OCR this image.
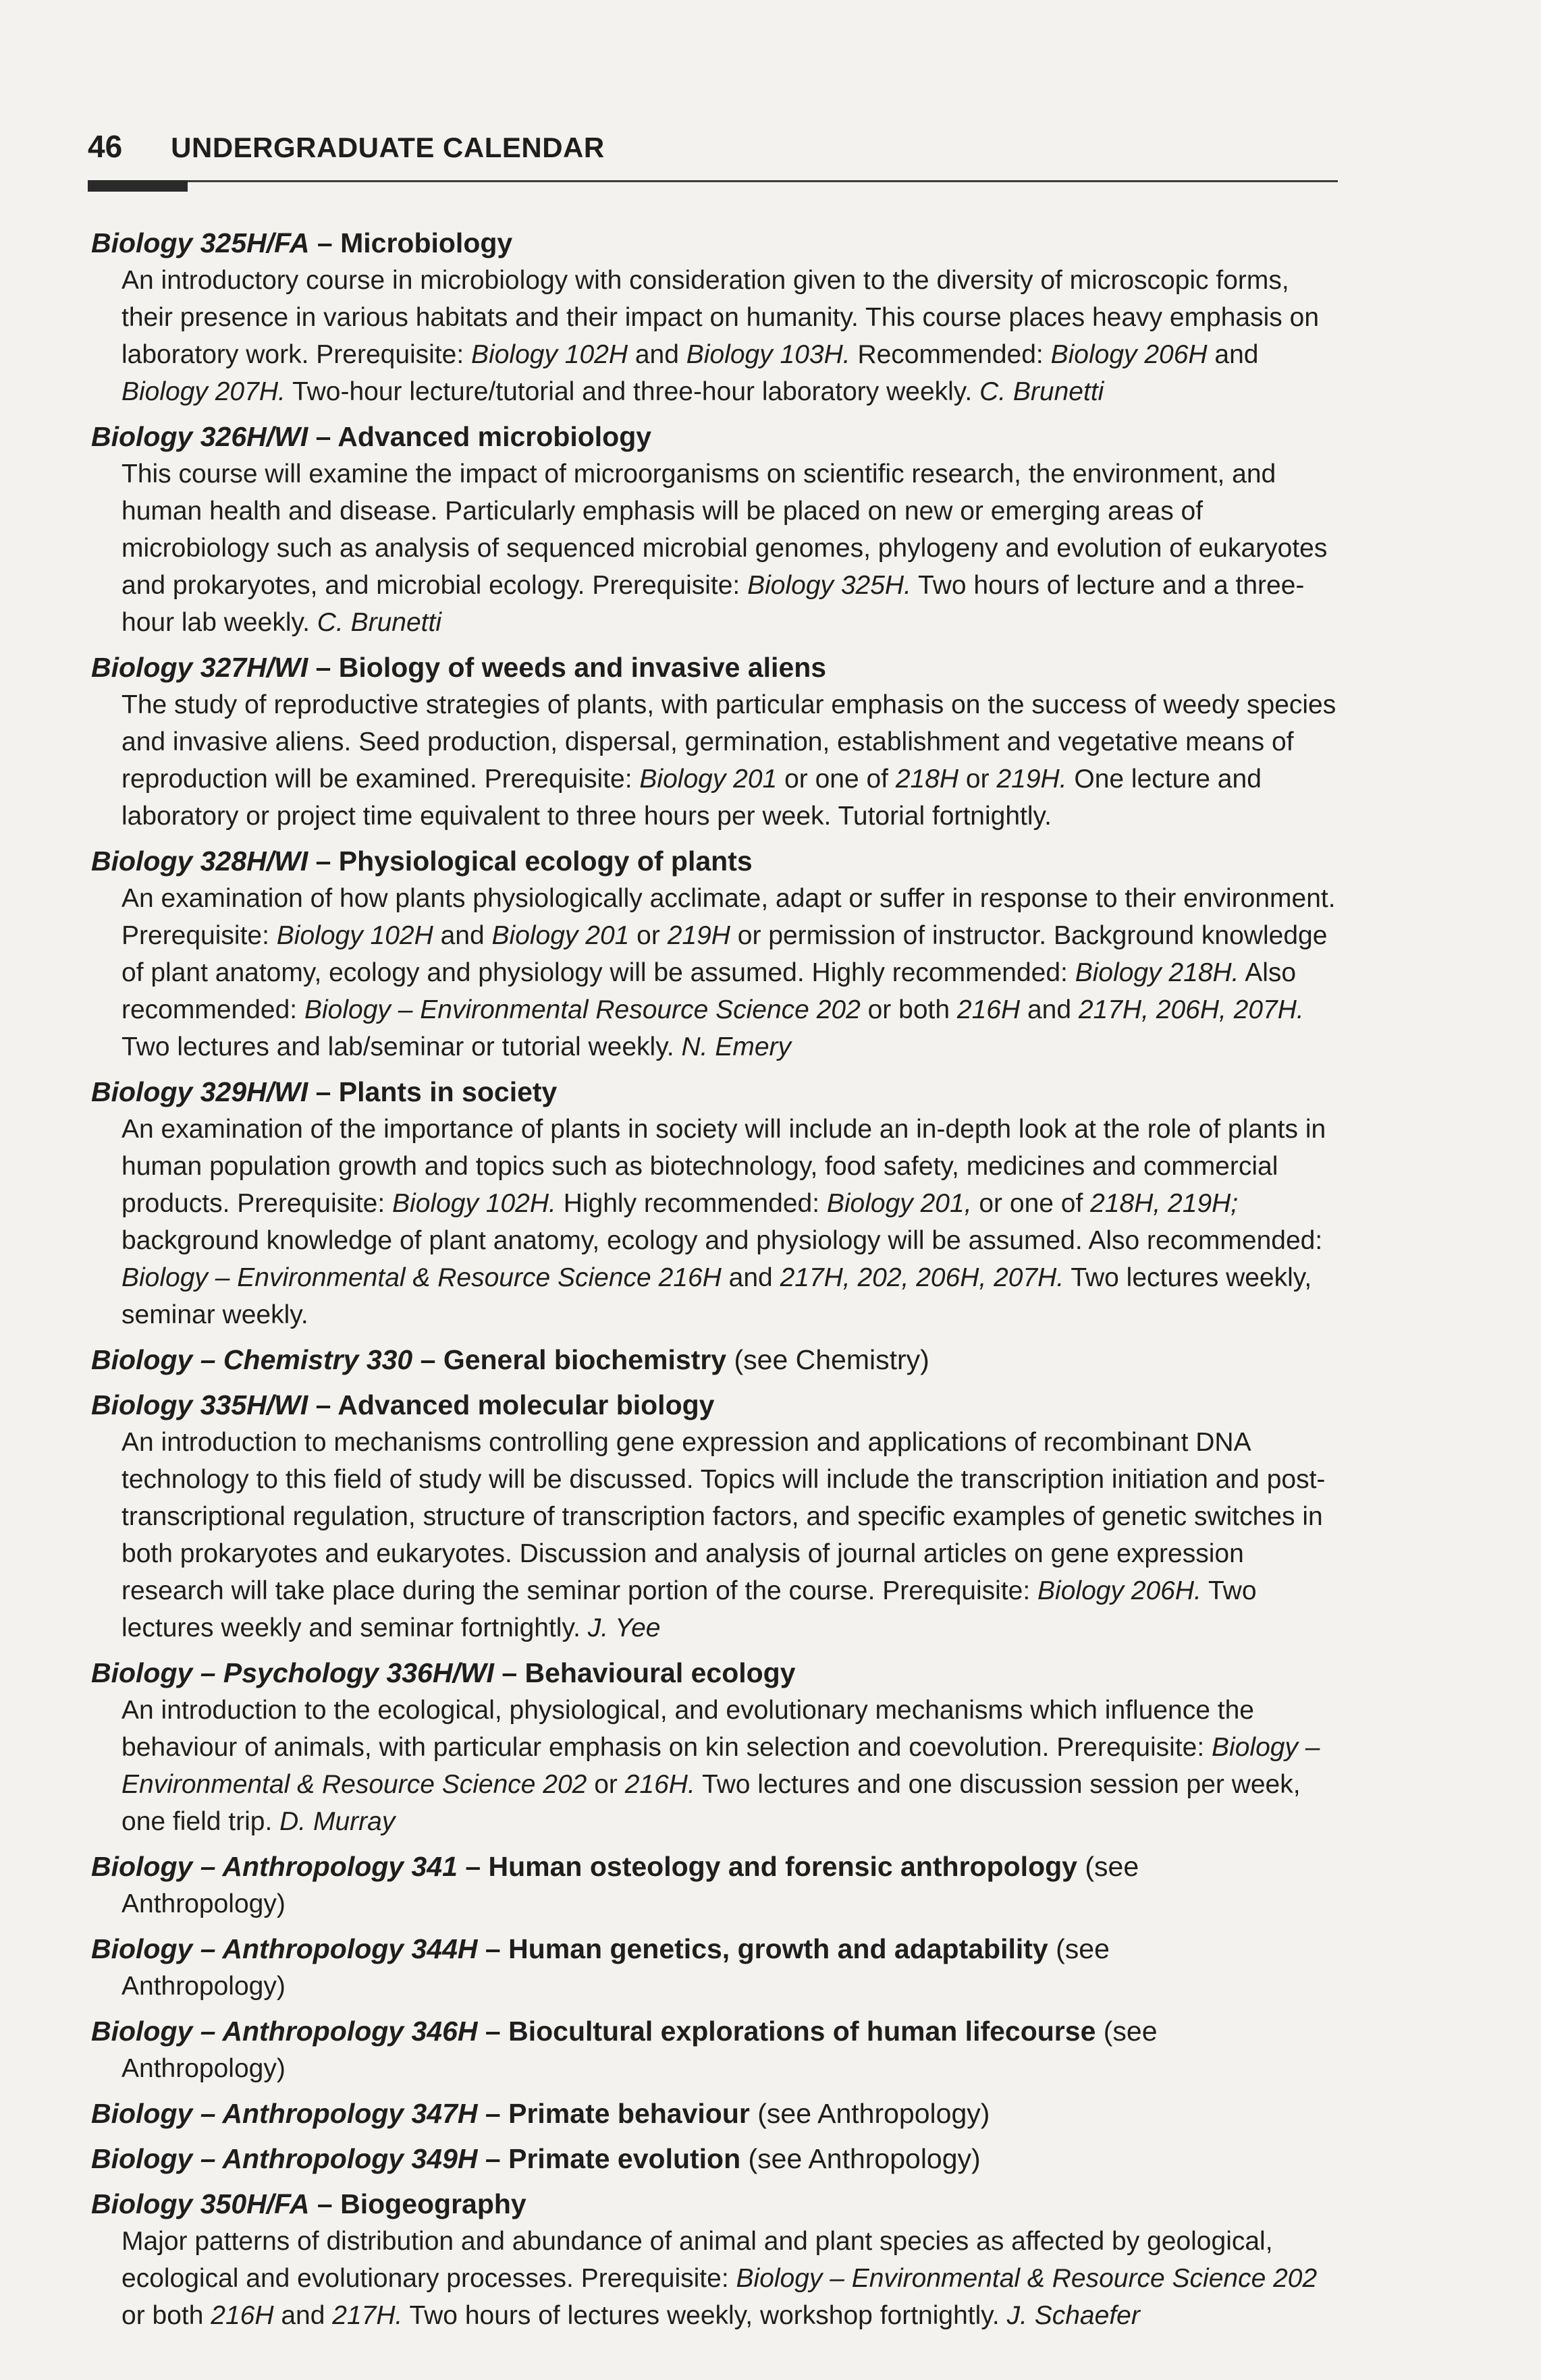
46 UNDERGRADUATE CALENDAR
Biology 325H/FA – Microbiology
An introductory course in microbiology with consideration given to the diversity of microscopic forms, their presence in various habitats and their impact on humanity. This course places heavy emphasis on laboratory work. Prerequisite: Biology 102H and Biology 103H. Recommended: Biology 206H and Biology 207H. Two-hour lecture/tutorial and three-hour laboratory weekly. C. Brunetti
Biology 326H/WI – Advanced microbiology
This course will examine the impact of microorganisms on scientific research, the environment, and human health and disease. Particularly emphasis will be placed on new or emerging areas of microbiology such as analysis of sequenced microbial genomes, phylogeny and evolution of eukaryotes and prokaryotes, and microbial ecology. Prerequisite: Biology 325H. Two hours of lecture and a three-hour lab weekly. C. Brunetti
Biology 327H/WI – Biology of weeds and invasive aliens
The study of reproductive strategies of plants, with particular emphasis on the success of weedy species and invasive aliens. Seed production, dispersal, germination, establishment and vegetative means of reproduction will be examined. Prerequisite: Biology 201 or one of 218H or 219H. One lecture and laboratory or project time equivalent to three hours per week. Tutorial fortnightly.
Biology 328H/WI – Physiological ecology of plants
An examination of how plants physiologically acclimate, adapt or suffer in response to their environment. Prerequisite: Biology 102H and Biology 201 or 219H or permission of instructor. Background knowledge of plant anatomy, ecology and physiology will be assumed. Highly recommended: Biology 218H. Also recommended: Biology – Environmental Resource Science 202 or both 216H and 217H, 206H, 207H. Two lectures and lab/seminar or tutorial weekly. N. Emery
Biology 329H/WI – Plants in society
An examination of the importance of plants in society will include an in-depth look at the role of plants in human population growth and topics such as biotechnology, food safety, medicines and commercial products. Prerequisite: Biology 102H. Highly recommended: Biology 201, or one of 218H, 219H; background knowledge of plant anatomy, ecology and physiology will be assumed. Also recommended: Biology – Environmental & Resource Science 216H and 217H, 202, 206H, 207H. Two lectures weekly, seminar weekly.
Biology – Chemistry 330 – General biochemistry (see Chemistry)
Biology 335H/WI – Advanced molecular biology
An introduction to mechanisms controlling gene expression and applications of recombinant DNA technology to this field of study will be discussed. Topics will include the transcription initiation and post-transcriptional regulation, structure of transcription factors, and specific examples of genetic switches in both prokaryotes and eukaryotes. Discussion and analysis of journal articles on gene expression research will take place during the seminar portion of the course. Prerequisite: Biology 206H. Two lectures weekly and seminar fortnightly. J. Yee
Biology – Psychology 336H/WI – Behavioural ecology
An introduction to the ecological, physiological, and evolutionary mechanisms which influence the behaviour of animals, with particular emphasis on kin selection and coevolution. Prerequisite: Biology – Environmental & Resource Science 202 or 216H. Two lectures and one discussion session per week, one field trip. D. Murray
Biology – Anthropology 341 – Human osteology and forensic anthropology (see
Anthropology)
Biology – Anthropology 344H – Human genetics, growth and adaptability (see
Anthropology)
Biology – Anthropology 346H – Biocultural explorations of human lifecourse (see
Anthropology)
Biology – Anthropology 347H – Primate behaviour (see Anthropology)
Biology – Anthropology 349H – Primate evolution (see Anthropology)
Biology 350H/FA – Biogeography
Major patterns of distribution and abundance of animal and plant species as affected by geological, ecological and evolutionary processes. Prerequisite: Biology – Environmental & Resource Science 202 or both 216H and 217H. Two hours of lectures weekly, workshop fortnightly. J. Schaefer
